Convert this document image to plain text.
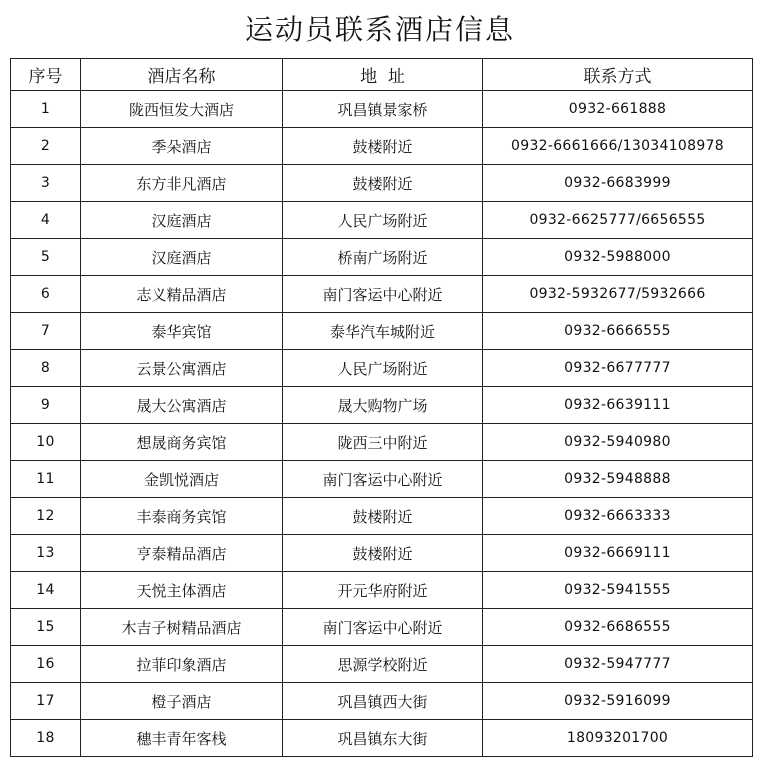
运动员联系酒店信息
序号	酒店名称	地  址	联系方式
1	陇西恒发大酒店	巩昌镇景家桥	0932-661888
2	季朵酒店	鼓楼附近	0932-6661666/13034108978
3	东方非凡酒店	鼓楼附近	0932-6683999
4	汉庭酒店	人民广场附近	0932-6625777/6656555
5	汉庭酒店	桥南广场附近	0932-5988000
6	志义精品酒店	南门客运中心附近	0932-5932677/5932666
7	泰华宾馆	泰华汽车城附近	0932-6666555
8	云景公寓酒店	人民广场附近	0932-6677777
9	晟大公寓酒店	晟大购物广场	0932-6639111
10	想晟商务宾馆	陇西三中附近	0932-5940980
11	金凯悦酒店	南门客运中心附近	0932-5948888
12	丰泰商务宾馆	鼓楼附近	0932-6663333
13	亨泰精品酒店	鼓楼附近	0932-6669111
14	天悦主体酒店	开元华府附近	0932-5941555
15	木吉子树精品酒店	南门客运中心附近	0932-6686555
16	拉菲印象酒店	思源学校附近	0932-5947777
17	橙子酒店	巩昌镇西大街	0932-5916099
18	穗丰青年客栈	巩昌镇东大街	18093201700
